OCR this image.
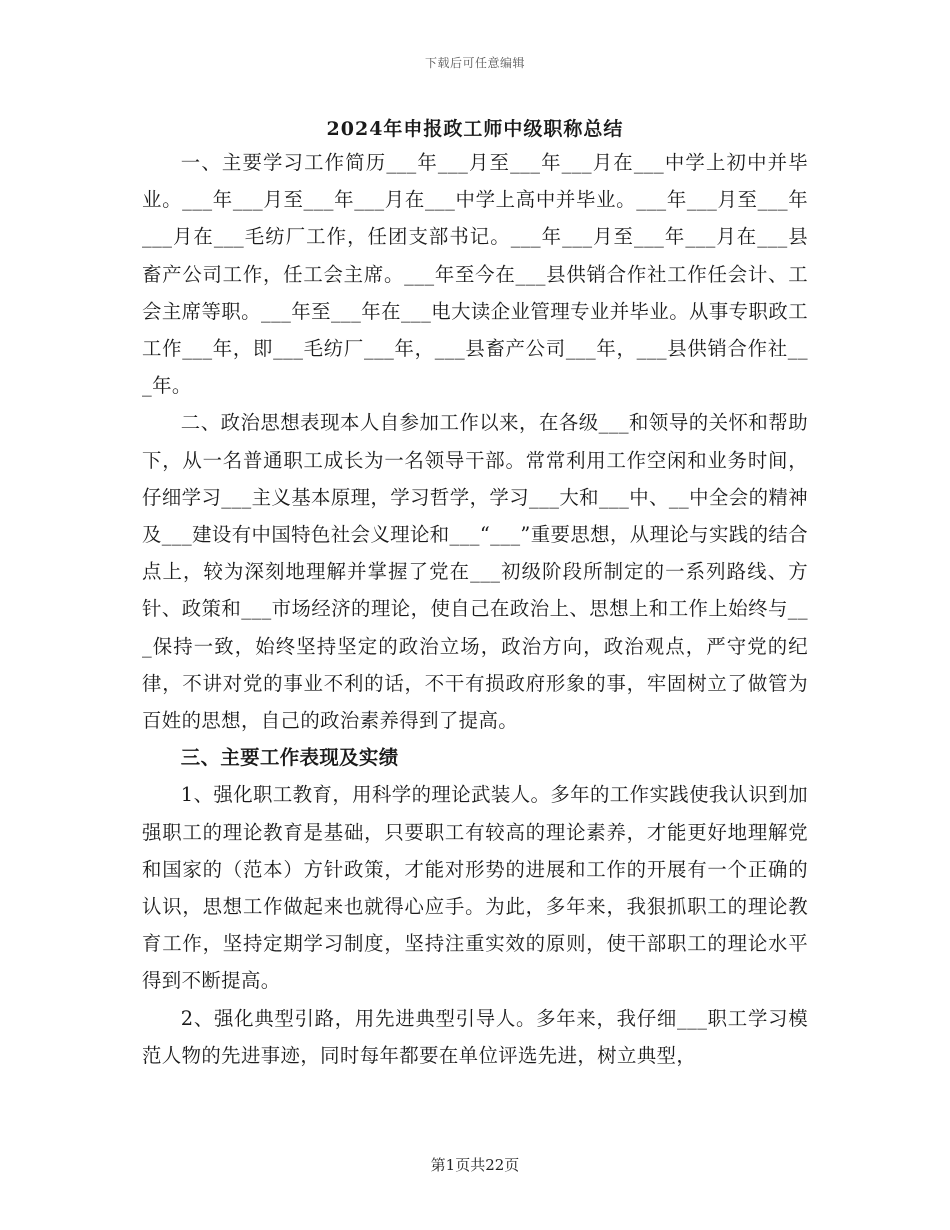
下载后可任意编辑
2024年申报政工师中级职称总结

一、主要学习工作简历___年___月至___年___月在___中学上初中并毕业。___年___月至___年___月在___中学上高中并毕业。___年___月至___年___月在___毛纺厂工作，任团支部书记。___年___月至___年___月在___县畜产公司工作，任工会主席。___年至今在___县供销合作社工作任会计、工会主席等职。___年至___年在___电大读企业管理专业并毕业。从事专职政工工作___年，即___毛纺厂___年，___县畜产公司___年，___县供销合作社___年。

二、政治思想表现本人自参加工作以来，在各级___和领导的关怀和帮助下，从一名普通职工成长为一名领导干部。常常利用工作空闲和业务时间，仔细学习___主义基本原理，学习哲学，学习___大和___中、__中全会的精神及___建设有中国特色社会义理论和___“___”重要思想，从理论与实践的结合点上，较为深刻地理解并掌握了党在___初级阶段所制定的一系列路线、方针、政策和___市场经济的理论，使自己在政治上、思想上和工作上始终与___保持一致，始终坚持坚定的政治立场，政治方向，政治观点，严守党的纪律，不讲对党的事业不利的话，不干有损政府形象的事，牢固树立了做管为百姓的思想，自己的政治素养得到了提高。

三、主要工作表现及实绩

1、强化职工教育，用科学的理论武装人。多年的工作实践使我认识到加强职工的理论教育是基础，只要职工有较高的理论素养，才能更好地理解党和国家的（范本）方针政策，才能对形势的进展和工作的开展有一个正确的认识，思想工作做起来也就得心应手。为此，多年来，我狠抓职工的理论教育工作，坚持定期学习制度，坚持注重实效的原则，使干部职工的理论水平得到不断提高。

2、强化典型引路，用先进典型引导人。多年来，我仔细___职工学习模范人物的先进事迹，同时每年都要在单位评选先进，树立典型，

第1页共22页
